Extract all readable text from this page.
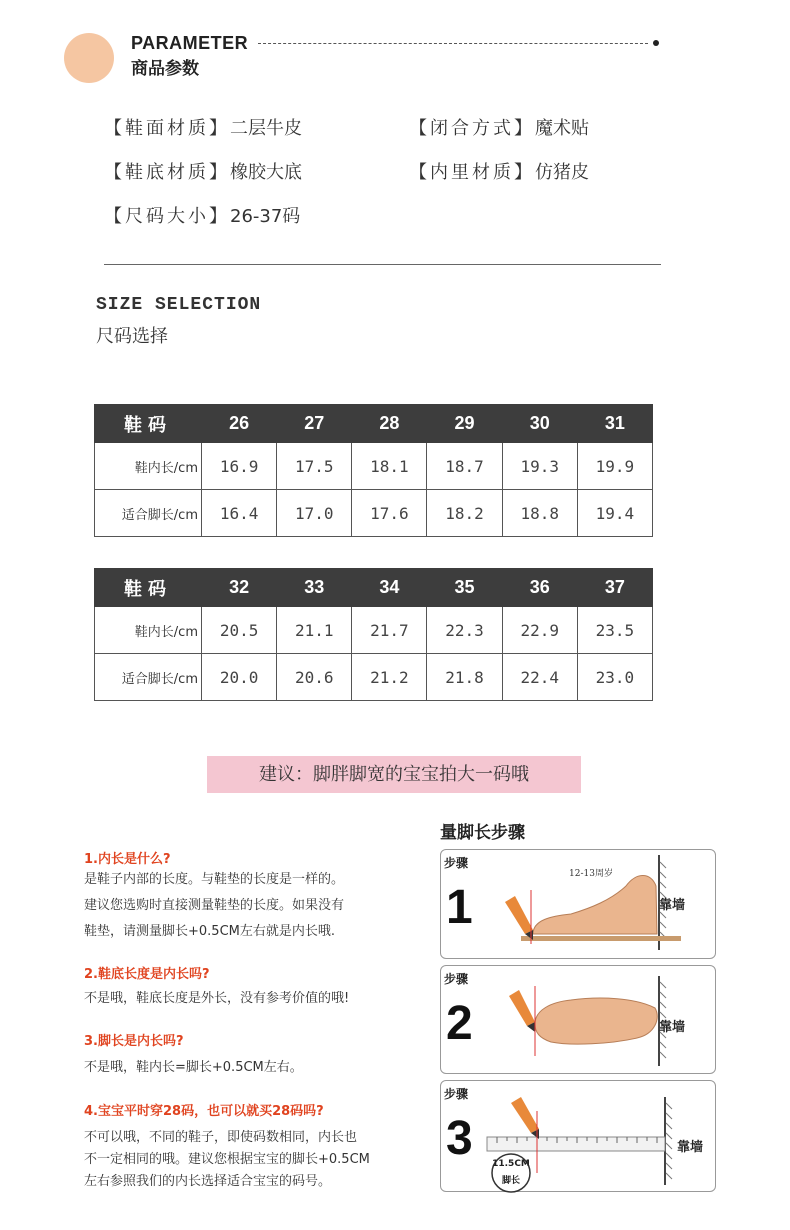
PARAMETER
商品参数
【鞋面材质】二层牛皮	【闭合方式】魔术贴
【鞋底材质】橡胶大底	【内里材质】仿猪皮
【尺码大小】26-37码
SIZE SELECTION
尺码选择
鞋码	26	27	28	29	30	31
鞋内长/cm	16.9	17.5	18.1	18.7	19.3	19.9
适合脚长/cm	16.4	17.0	17.6	18.2	18.8	19.4
鞋码	32	33	34	35	36	37
鞋内长/cm	20.5	21.1	21.7	22.3	22.9	23.5
适合脚长/cm	20.0	20.6	21.2	21.8	22.4	23.0
建议：脚胖脚宽的宝宝拍大一码哦
1.内长是什么?
是鞋子内部的长度。与鞋垫的长度是一样的。
建议您选购时直接测量鞋垫的长度。如果没有
鞋垫，请测量脚长+0.5CM左右就是内长哦.
2.鞋底长度是内长吗?
不是哦，鞋底长度是外长，没有参考价值的哦!
3.脚长是内长吗?
不是哦，鞋内长=脚长+0.5CM左右。
4.宝宝平时穿28码，也可以就买28码吗?
不可以哦，不同的鞋子，即使码数相同，内长也
不一定相同的哦。建议您根据宝宝的脚长+0.5CM
左右参照我们的内长选择适合宝宝的码号。
量脚长步骤
步骤
1	靠墙
12-13周岁
步骤
2	靠墙
步骤
3	靠墙
11.5CM
脚长
